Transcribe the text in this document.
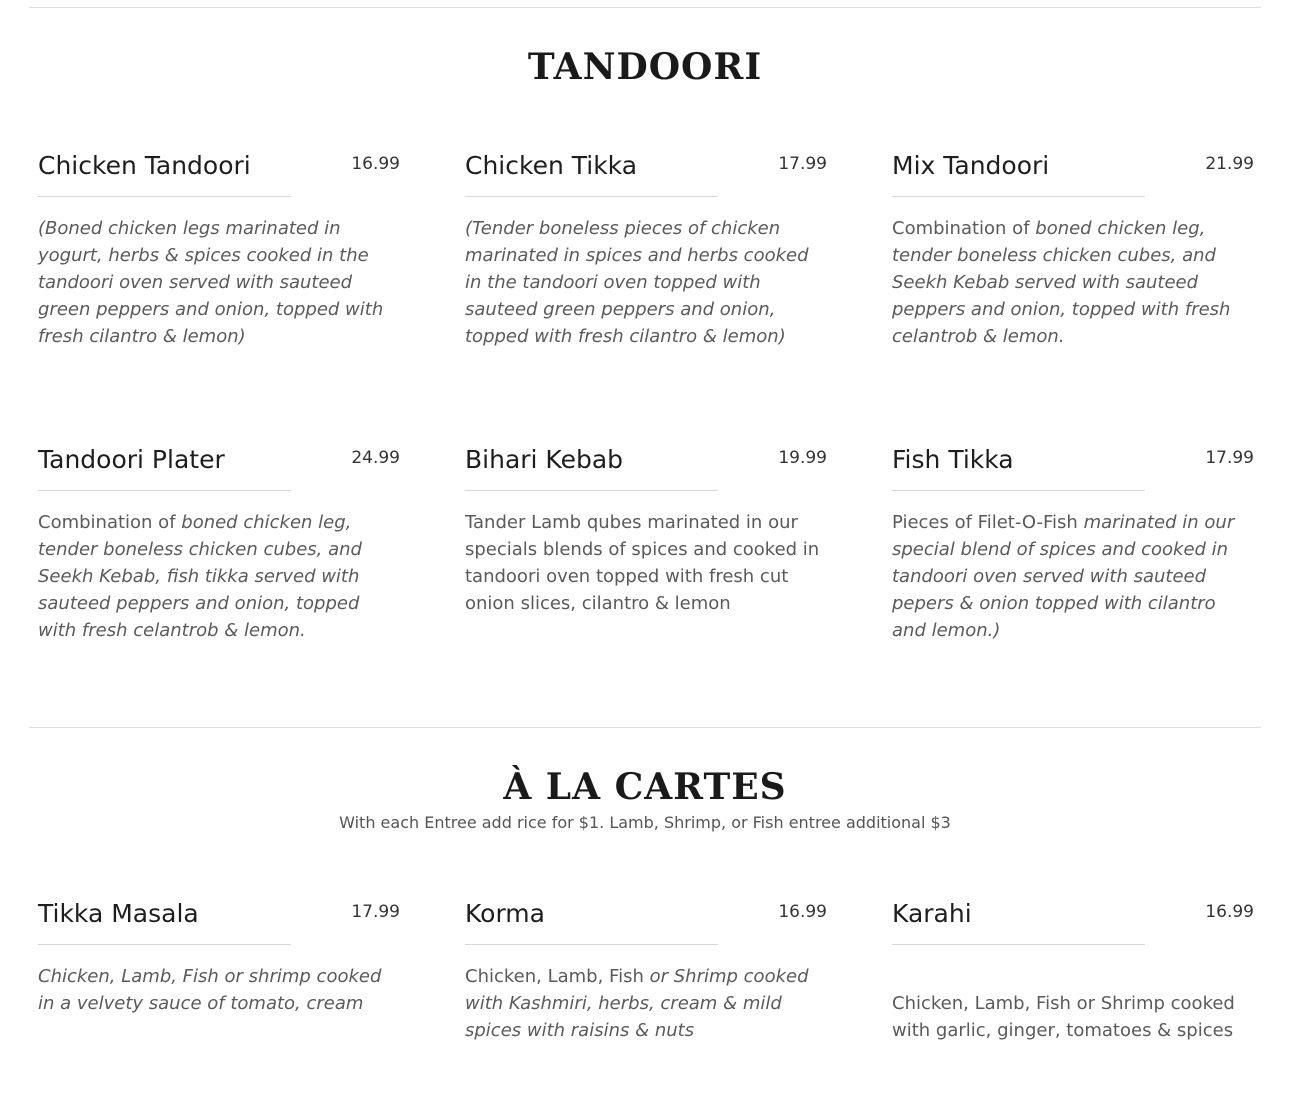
TANDOORI
Chicken Tandoori	16.99
(Boned chicken legs marinated in yogurt, herbs & spices cooked in the tandoori oven served with sauteed green peppers and onion, topped with fresh cilantro & lemon)
Chicken Tikka	17.99
(Tender boneless pieces of chicken marinated in spices and herbs cooked in the tandoori oven topped with sauteed green peppers and onion, topped with fresh cilantro & lemon)
Mix Tandoori	21.99
Combination of boned chicken leg, tender boneless chicken cubes, and Seekh Kebab served with sauteed peppers and onion, topped with fresh celantrob & lemon.
Tandoori Plater	24.99
Combination of boned chicken leg, tender boneless chicken cubes, and Seekh Kebab, fish tikka served with sauteed peppers and onion, topped with fresh celantrob & lemon.
Bihari Kebab	19.99
Tander Lamb qubes marinated in our specials blends of spices and cooked in tandoori oven topped with fresh cut onion slices, cilantro & lemon
Fish Tikka	17.99
Pieces of Filet-O-Fish marinated in our special blend of spices and cooked in tandoori oven served with sauteed pepers & onion topped with cilantro and lemon.)
À LA CARTES
With each Entree add rice for $1. Lamb, Shrimp, or Fish entree additional $3
Tikka Masala	17.99
Chicken, Lamb, Fish or shrimp cooked in a velvety sauce of tomato, cream
Korma	16.99
Chicken, Lamb, Fish or Shrimp cooked with Kashmiri, herbs, cream & mild spices with raisins & nuts
Karahi	16.99
Chicken, Lamb, Fish or Shrimp cooked with garlic, ginger, tomatoes & spices
